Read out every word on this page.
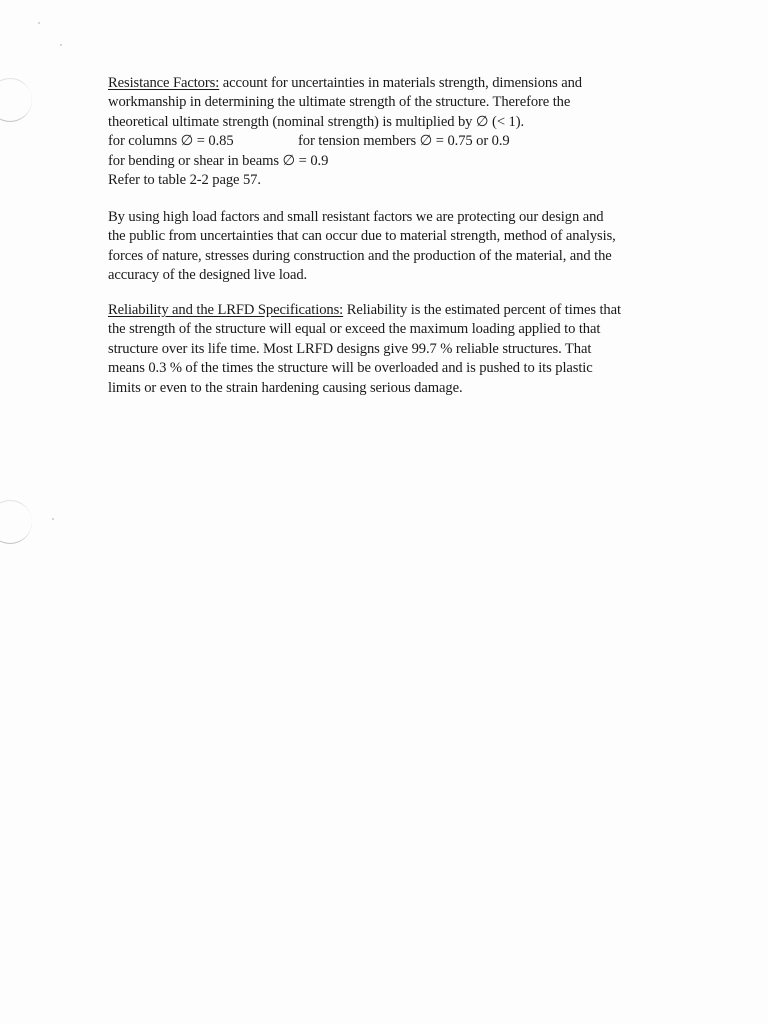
Resistance Factors: account for uncertainties in materials strength, dimensions and
workmanship in determining the ultimate strength of the structure. Therefore the
theoretical ultimate strength (nominal strength) is multiplied by ∅ (< 1).
for columns ∅ = 0.85	for tension members ∅ = 0.75 or 0.9
for bending or shear in beams ∅ = 0.9
Refer to table 2-2 page 57.
By using high load factors and small resistant factors we are protecting our design and
the public from uncertainties that can occur due to material strength, method of analysis,
forces of nature, stresses during construction and the production of the material, and the
accuracy of the designed live load.
Reliability and the LRFD Specifications: Reliability is the estimated percent of times that
the strength of the structure will equal or exceed the maximum loading applied to that
structure over its life time. Most LRFD designs give 99.7 % reliable structures. That
means 0.3 % of the times the structure will be overloaded and is pushed to its plastic
limits or even to the strain hardening causing serious damage.
